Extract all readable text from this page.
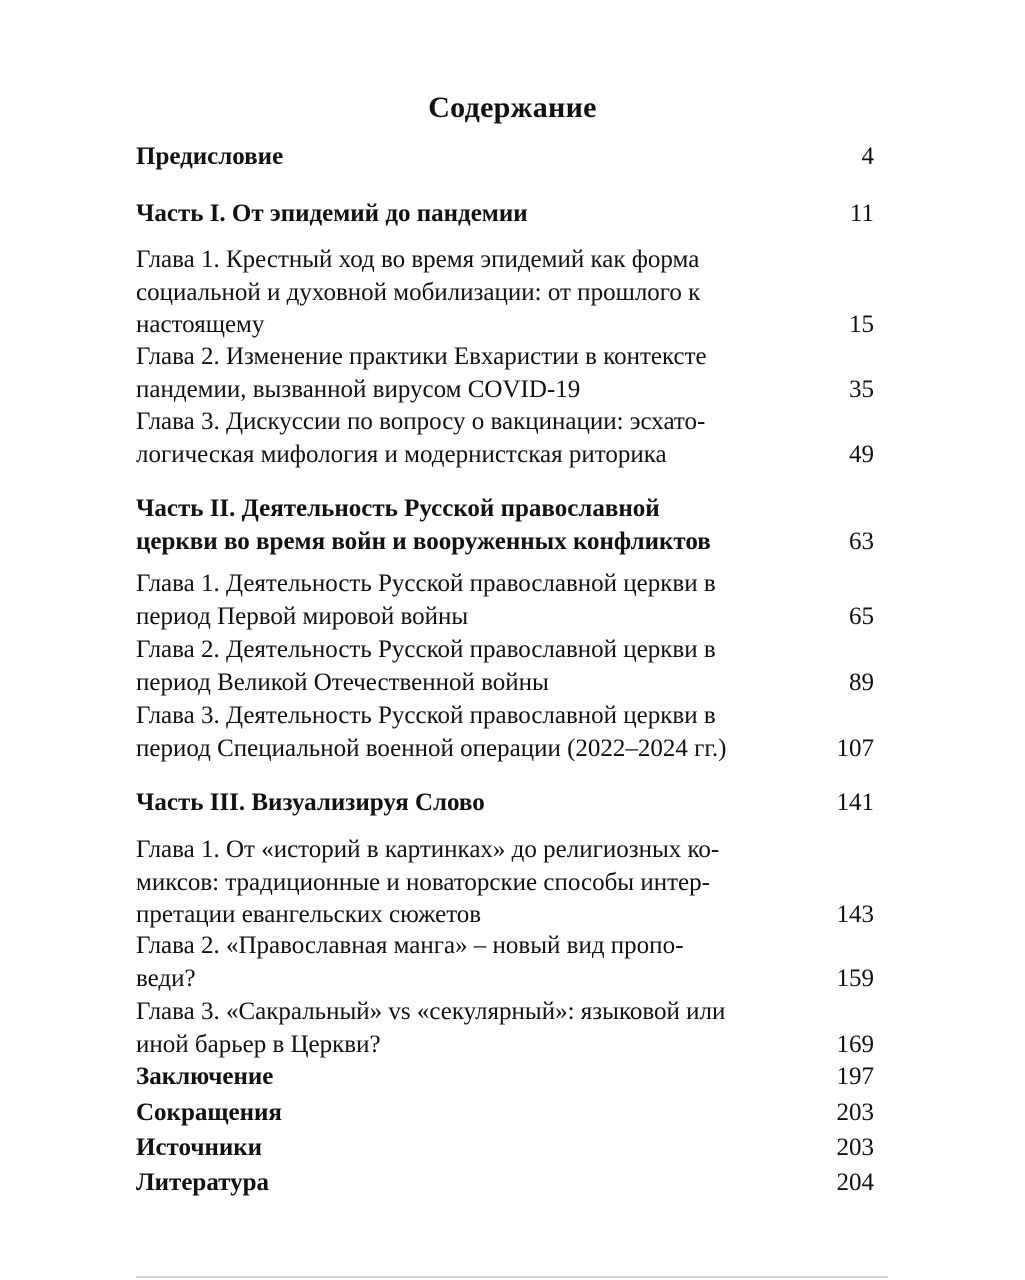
Содержание
Предисловие	4
Часть I. От эпидемий до пандемии	11
Глава 1. Крестный ход во время эпидемий как форма
социальной и духовной мобилизации: от прошлого к
настоящему	15
Глава 2. Изменение практики Евхаристии в контексте
пандемии, вызванной вирусом COVID-19	35
Глава 3. Дискуссии по вопросу о вакцинации: эсхато-
логическая мифология и модернистская риторика	49
Часть II. Деятельность Русской православной
церкви во время войн и вооруженных конфликтов	63
Глава 1. Деятельность Русской православной церкви в
период Первой мировой войны	65
Глава 2. Деятельность Русской православной церкви в
период Великой Отечественной войны	89
Глава 3. Деятельность Русской православной церкви в
период Специальной военной операции (2022–2024 гг.)	107
Часть III. Визуализируя Слово	141
Глава 1. От «историй в картинках» до религиозных ко-
миксов: традиционные и новаторские способы интер-
претации евангельских сюжетов	143
Глава 2. «Православная манга» – новый вид пропо-
веди?	159
Глава 3. «Сакральный» vs «секулярный»: языковой или
иной барьер в Церкви?	169
Заключение	197
Сокращения	203
Источники	203
Литература	204
